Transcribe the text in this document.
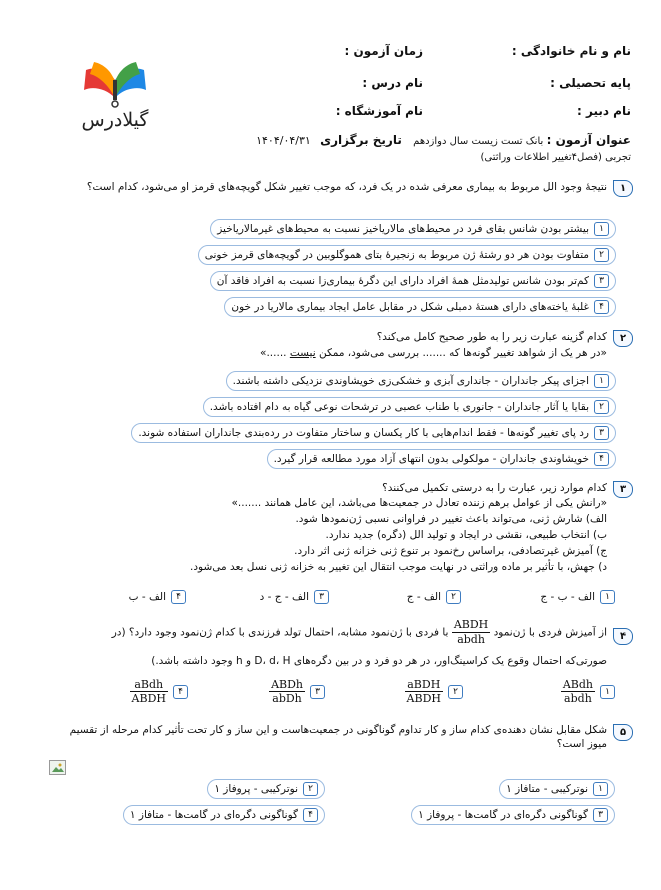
نام و نام خانوادگی :
زمان آزمون :
پایه تحصیلی :
نام درس :
نام دبیر :
نام آموزشگاه :
عنوان آزمون : بانک تست زیست سال دوازدهم تاریخ برگزاری ۱۴۰۴/۰۴/۳۱
تجربی (فصل۴تغییر اطلاعات وراثتی)
گیلادرس
۱
نتیجهٔ وجود الل مربوط به بیماری معرفی شده در یک فرد، که موجب تغییر شکل گویچه‌های قرمز او می‌شود، کدام است؟
۱بیشتر بودن شانس بقای فرد در محیط‌های مالاریاخیز نسبت به محیط‌های غیرمالاریاخیز
۲متفاوت بودن هر دو رشتهٔ ژن مربوط به زنجیرهٔ بتای هموگلوبین در گویچه‌های قرمز خونی
۳کم‌تر بودن شانس تولیدمثل همهٔ افراد دارای این دگرهٔ بیماری‌زا نسبت به افراد فاقد آن
۴غلبهٔ یاخته‌های دارای هستهٔ دمبلی شکل در مقابل عامل ایجاد بیماری مالاریا در خون
۲
کدام گزینه عبارت زیر را به طور صحیح کامل می‌کند؟
«در هر یک از شواهد تغییر گونه‌ها که ....... بررسی می‌شود، ممکن نیست ......»
۱اجزای پیکر جانداران - جانداری آبزی و خشکی‌زی خویشاوندی نزدیکی داشته باشند.
۲بقایا یا آثار جانداران - جانوری با طناب عصبی در ترشحات نوعی گیاه به دام افتاده باشد.
۳رد پای تغییر گونه‌ها - فقط اندام‌هایی با کار یکسان و ساختار متفاوت در رده‌بندی جانداران استفاده شوند.
۴خویشاوندی جانداران - مولکولی بدون انتهای آزاد مورد مطالعه قرار گیرد.
۳
کدام موارد زیر، عبارت را به درستی تکمیل می‌کنند؟
«رانش یکی از عوامل برهم زننده تعادل در جمعیت‌ها می‌باشد، این عامل همانند .......»
الف) شارش ژنی، می‌تواند باعث تغییر در فراوانی نسبی ژن‌نمودها شود.
ب) انتخاب طبیعی، نقشی در ایجاد و تولید الل (دگره) جدید ندارد.
ج) آمیزش غیرتصادفی، براساس رخ‌نمود بر تنوع ژنی خزانه ژنی اثر دارد.
د) جهش، با تأثیر بر ماده وراثتی در نهایت موجب انتقال این تغییر به خزانه ژنی نسل بعد می‌شود.
۱الف - ب - ج
۲الف - ج
۳الف - ج - د
۴الف - ب
۴
از آمیزش فردی با ژن‌نمود
$\frac{\text{ABDH}}{\text{abdh}}$
با فردی با ژن‌نمود مشابه، احتمال تولد فرزندی با کدام ژن‌نمود وجود دارد؟ (در
صورتی‌که احتمال وقوع یک کراسینگ‌اور، در هر دو فرد و در بین دگره‌های D، d، H و h وجود داشته باشد.)
۱
$\frac{\text{ABdh}}{\text{abdh}}$
۲
$\frac{\text{aBDH}}{\text{ABDH}}$
۳
$\frac{\text{ABDh}}{\text{abDh}}$
۴
$\frac{\text{aBdh}}{\text{ABDH}}$
۵
شکل مقابل نشان دهنده‌ی کدام ساز و کار تداوم گوناگونی در جمعیت‌هاست و این ساز و کار تحت تأثیر کدام مرحله از تقسیم میوز است؟
۱نوترکیبی - متافاز ۱
۲نوترکیبی - پروفاز ۱
۳گوناگونی دگره‌ای در گامت‌ها - پروفاز ۱
۴گوناگونی دگره‌ای در گامت‌ها - متافاز ۱
